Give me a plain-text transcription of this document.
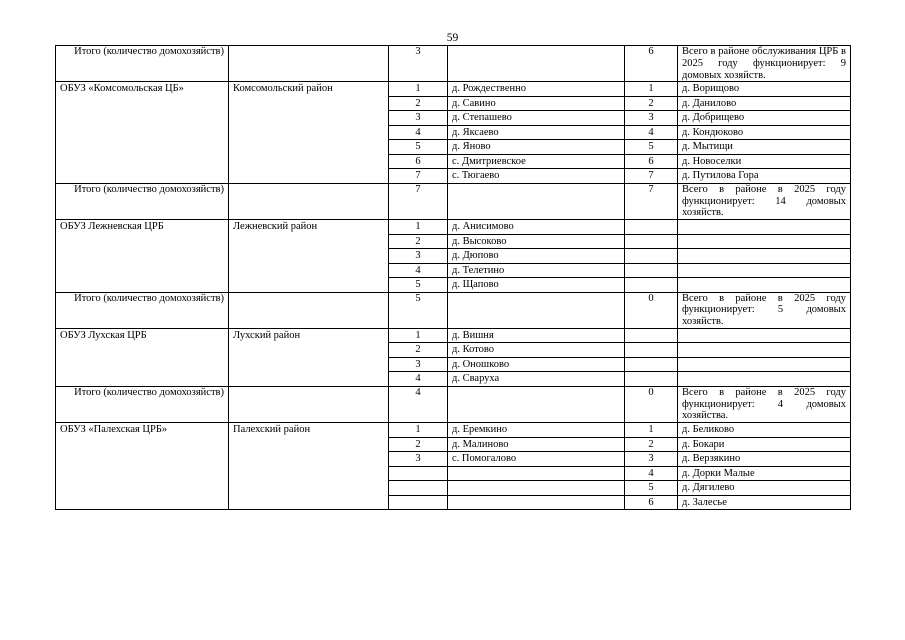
59
Итого (количество домохозяйств)		3		6	Всего в районе обслуживания ЦРБ в 2025 году функционирует: 9 домовых хозяйств.
ОБУЗ «Комсомольская ЦБ»	Комсомольский район	1	д. Рождественно	1	д. Ворищово
		2	д. Савино	2	д. Данилово
		3	д. Степашево	3	д. Добрищево
		4	д. Яксаево	4	д. Кондюково
		5	д. Яново	5	д. Мытищи
		6	с. Дмитриевское	6	д. Новоселки
		7	с. Тюгаево	7	д. Путилова Гора
Итого (количество домохозяйств)		7		7	Всего в районе в 2025 году функционирует: 14 домовых хозяйств.
ОБУЗ Лежневская ЦРБ	Лежневский район	1	д. Анисимово		
		2	д. Высоково		
		3	д. Дюпово		
		4	д. Телетино		
		5	д. Щапово		
Итого (количество домохозяйств)		5		0	Всего в районе в 2025 году функционирует: 5 домовых хозяйств.
ОБУЗ Лухская ЦРБ	Лухский район	1	д. Вишня		
		2	д. Котово		
		3	д. Оношково		
		4	д. Сваруха		
Итого (количество домохозяйств)		4		0	Всего в районе в 2025 году функционирует: 4 домовых хозяйства.
ОБУЗ «Палехская ЦРБ»	Палехский район	1	д. Еремкино	1	д. Беликово
		2	д. Малиново	2	д. Бокари
		3	с. Помогалово	3	д. Верзякино
				4	д. Дорки Малые
				5	д. Дягилево
				6	д. Залесье
